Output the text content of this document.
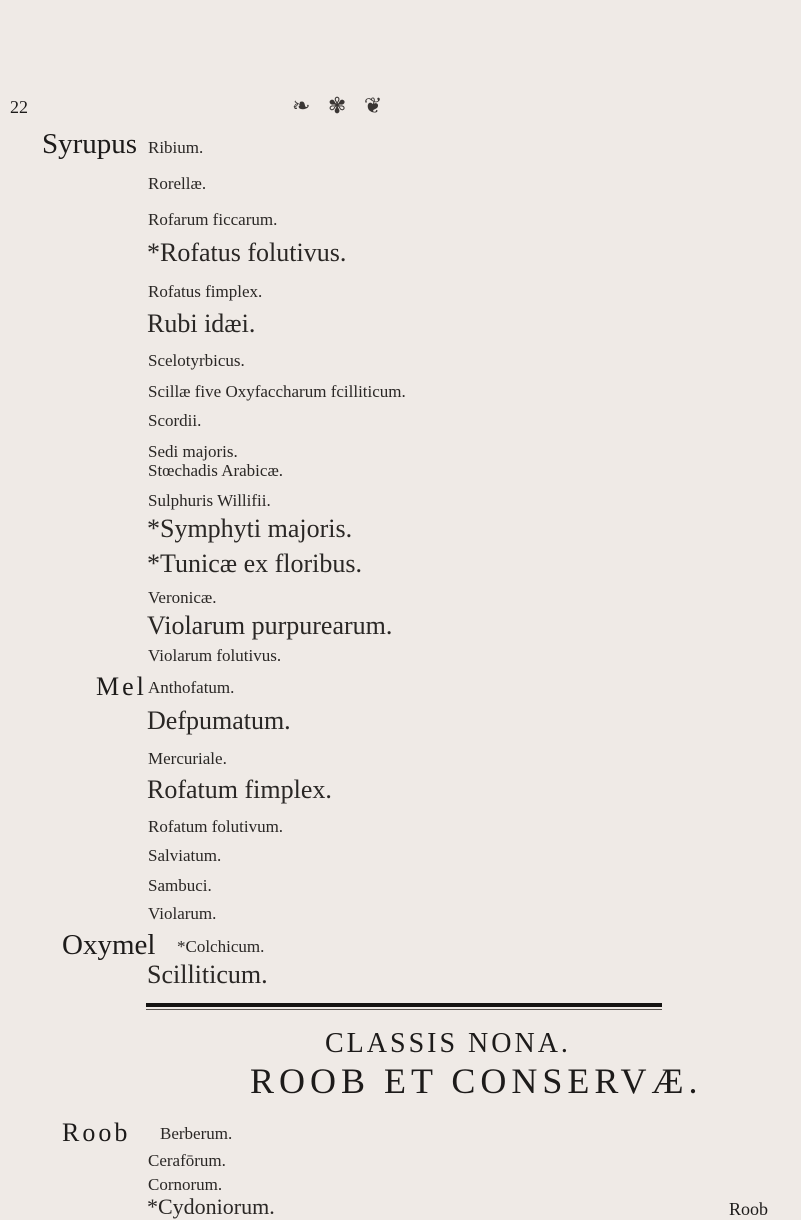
22	❧ ✾ ❦
Syrupus Ribium.
Rorellæ.
Rofarum ficcarum.
*Rofatus folutivus.
Rofatus fimplex.
Rubi idæi.
Scelotyrbicus.
Scillæ five Oxyfaccharum fcilliticum.
Scordii.
Sedi majoris.
Stœchadis Arabicæ.
Sulphuris Willifii.
*Symphyti majoris.
*Tunicæ ex floribus.
Veronicæ.
Violarum purpurearum.
Violarum folutivus.
Mel Anthofatum.
Defpumatum.
Mercuriale.
Rofatum fimplex.
Rofatum folutivum.
Salviatum.
Sambuci.
Violarum.
Oxymel *Colchicum.
Scilliticum.
CLASSIS NONA.
ROOB ET CONSERVÆ.
Roob Berberum.
Cerafōrum.
Cornorum.
*Cydoniorum.	Roob
